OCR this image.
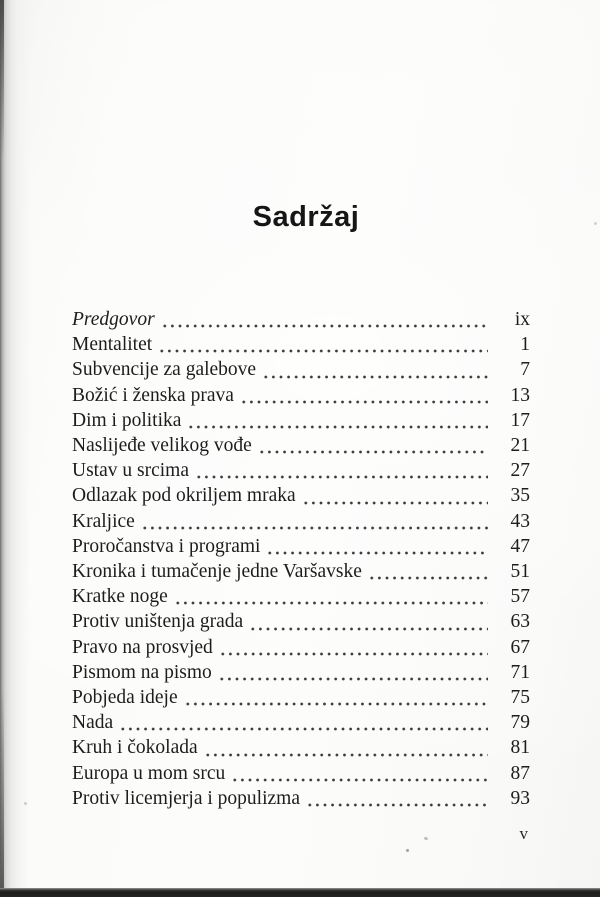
Sadržaj
Predgovor	ix
Mentalitet	1
Subvencije za galebove	7
Božić i ženska prava	13
Dim i politika	17
Naslijeđe velikog vođe	21
Ustav u srcima	27
Odlazak pod okriljem mraka	35
Kraljice	43
Proročanstva i programi	47
Kronika i tumačenje jedne Varšavske	51
Kratke noge	57
Protiv uništenja grada	63
Pravo na prosvjed	67
Pismom na pismo	71
Pobjeda ideje	75
Nada	79
Kruh i čokolada	81
Europa u mom srcu	87
Protiv licemjerja i populizma	93
v
